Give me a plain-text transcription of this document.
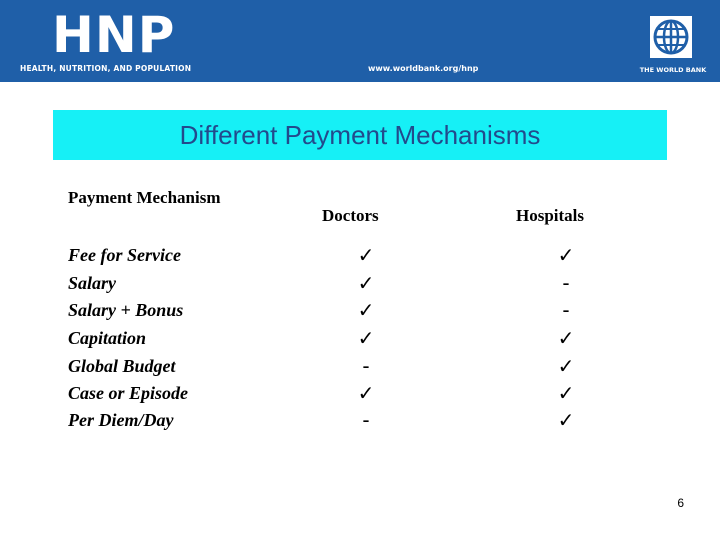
HNP
HEALTH, NUTRITION, AND POPULATION	www.worldbank.org/hnp	THE WORLD BANK
Different Payment Mechanisms
Payment Mechanism
Doctors	Hospitals
Fee for Service	✓	✓
Salary	✓	-
Salary + Bonus	✓	-
Capitation	✓	✓
Global Budget	-	✓
Case or Episode	✓	✓
Per Diem/Day	-	✓
6
